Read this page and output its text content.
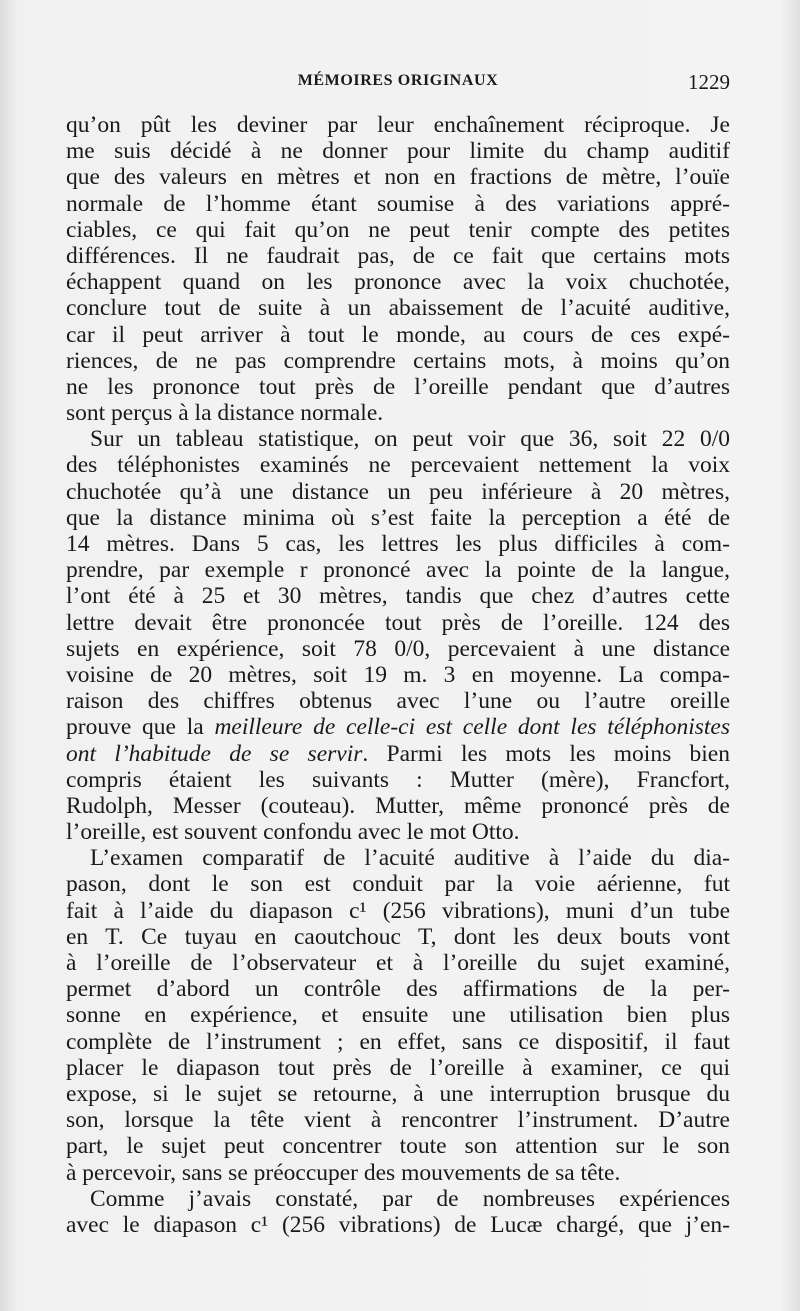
MÉMOIRES ORIGINAUX	1229
qu’on pût les deviner par leur enchaînement réciproque. Je
me suis décidé à ne donner pour limite du champ auditif
que des valeurs en mètres et non en fractions de mètre, l’ouïe
normale de l’homme étant soumise à des variations appré-
ciables, ce qui fait qu’on ne peut tenir compte des petites
différences. Il ne faudrait pas, de ce fait que certains mots
échappent quand on les prononce avec la voix chuchotée,
conclure tout de suite à un abaissement de l’acuité auditive,
car il peut arriver à tout le monde, au cours de ces expé-
riences, de ne pas comprendre certains mots, à moins qu’on
ne les prononce tout près de l’oreille pendant que d’autres
sont perçus à la distance normale.
Sur un tableau statistique, on peut voir que 36, soit 22 0/0
des téléphonistes examinés ne percevaient nettement la voix
chuchotée qu’à une distance un peu inférieure à 20 mètres,
que la distance minima où s’est faite la perception a été de
14 mètres. Dans 5 cas, les lettres les plus difficiles à com-
prendre, par exemple r prononcé avec la pointe de la langue,
l’ont été à 25 et 30 mètres, tandis que chez d’autres cette
lettre devait être prononcée tout près de l’oreille. 124 des
sujets en expérience, soit 78 0/0, percevaient à une distance
voisine de 20 mètres, soit 19 m. 3 en moyenne. La compa-
raison des chiffres obtenus avec l’une ou l’autre oreille
prouve que la meilleure de celle-ci est celle dont les téléphonistes
ont l’habitude de se servir. Parmi les mots les moins bien
compris étaient les suivants : Mutter (mère), Francfort,
Rudolph, Messer (couteau). Mutter, même prononcé près de
l’oreille, est souvent confondu avec le mot Otto.
L’examen comparatif de l’acuité auditive à l’aide du dia-
pason, dont le son est conduit par la voie aérienne, fut
fait à l’aide du diapason c¹ (256 vibrations), muni d’un tube
en T. Ce tuyau en caoutchouc T, dont les deux bouts vont
à l’oreille de l’observateur et à l’oreille du sujet examiné,
permet d’abord un contrôle des affirmations de la per-
sonne en expérience, et ensuite une utilisation bien plus
complète de l’instrument ; en effet, sans ce dispositif, il faut
placer le diapason tout près de l’oreille à examiner, ce qui
expose, si le sujet se retourne, à une interruption brusque du
son, lorsque la tête vient à rencontrer l’instrument. D’autre
part, le sujet peut concentrer toute son attention sur le son
à percevoir, sans se préoccuper des mouvements de sa tête.
Comme j’avais constaté, par de nombreuses expériences
avec le diapason c¹ (256 vibrations) de Lucæ chargé, que j’en-
